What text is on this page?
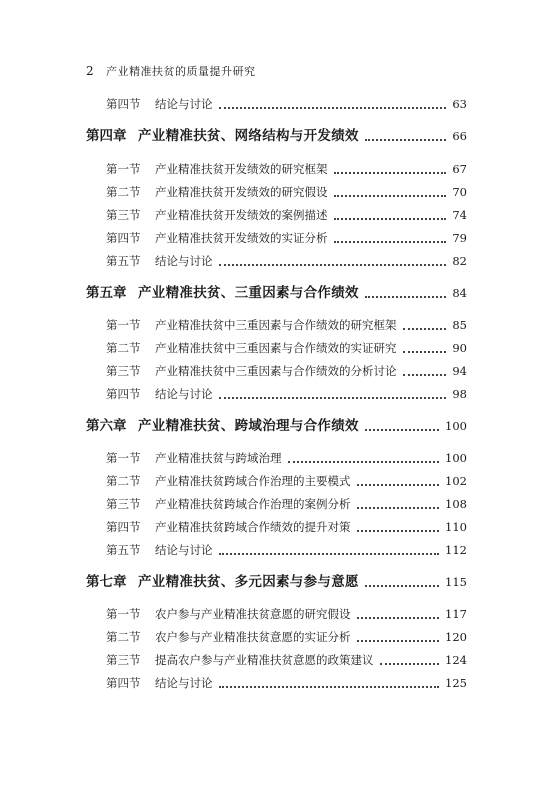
2 产业精准扶贫的质量提升研究
第四节 结论与讨论	63
第四章 产业精准扶贫、网络结构与开发绩效	66
第一节 产业精准扶贫开发绩效的研究框架	67
第二节 产业精准扶贫开发绩效的研究假设	70
第三节 产业精准扶贫开发绩效的案例描述	74
第四节 产业精准扶贫开发绩效的实证分析	79
第五节 结论与讨论	82
第五章 产业精准扶贫、三重因素与合作绩效	84
第一节 产业精准扶贫中三重因素与合作绩效的研究框架	85
第二节 产业精准扶贫中三重因素与合作绩效的实证研究	90
第三节 产业精准扶贫中三重因素与合作绩效的分析讨论	94
第四节 结论与讨论	98
第六章 产业精准扶贫、跨域治理与合作绩效	100
第一节 产业精准扶贫与跨域治理	100
第二节 产业精准扶贫跨域合作治理的主要模式	102
第三节 产业精准扶贫跨域合作治理的案例分析	108
第四节 产业精准扶贫跨域合作绩效的提升对策	110
第五节 结论与讨论	112
第七章 产业精准扶贫、多元因素与参与意愿	115
第一节 农户参与产业精准扶贫意愿的研究假设	117
第二节 农户参与产业精准扶贫意愿的实证分析	120
第三节 提高农户参与产业精准扶贫意愿的政策建议	124
第四节 结论与讨论	125
